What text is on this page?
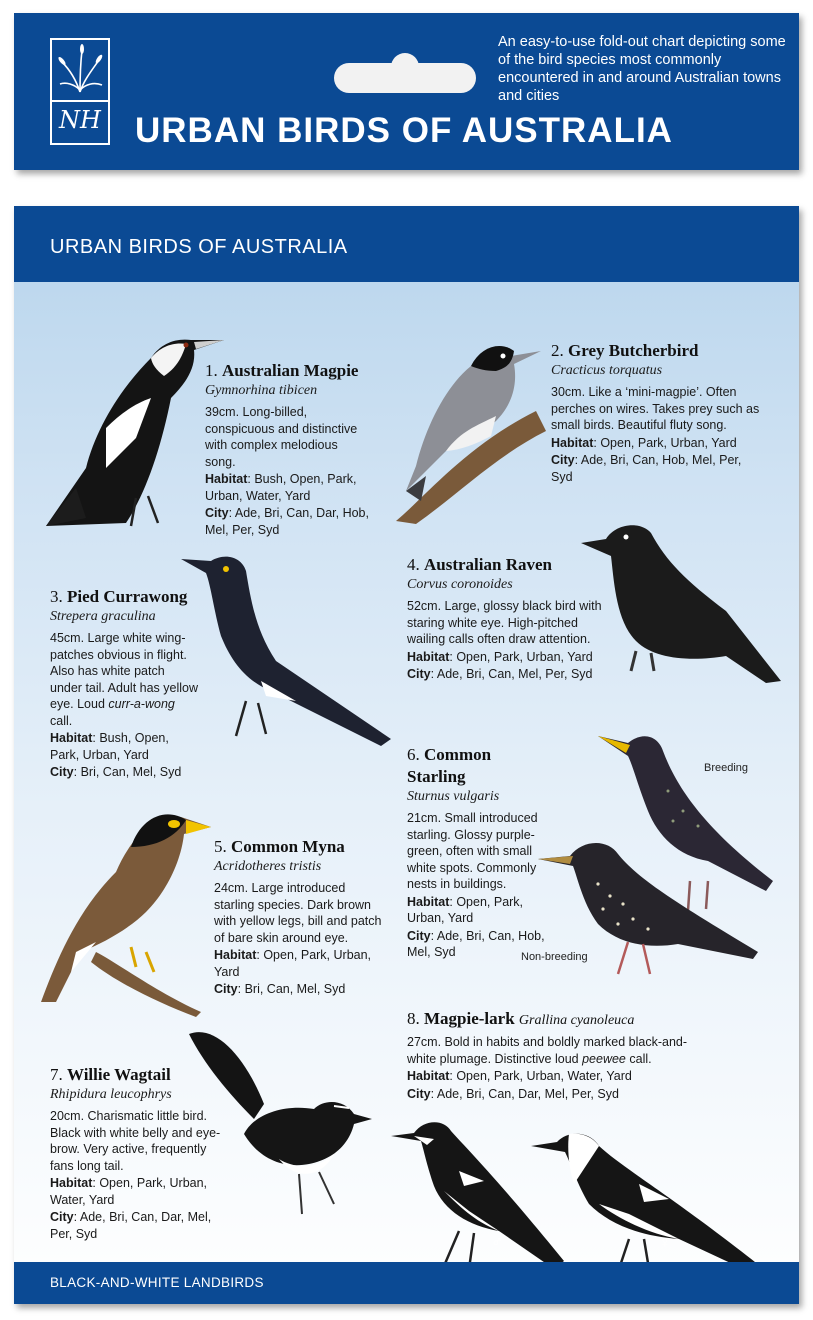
NH
An easy-to-use fold-out chart depicting some of the bird species most commonly encountered in and around Australian towns and cities
URBAN BIRDS OF AUSTRALIA
URBAN BIRDS OF AUSTRALIA
Breeding
Non-breeding
♂	♀
1. Australian Magpie
Gymnorhina tibicen
39cm. Long-billed, conspicuous and distinctive with complex melodious song.
Habitat: Bush, Open, Park, Urban, Water, Yard
City: Ade, Bri, Can, Dar, Hob, Mel, Per, Syd
2. Grey Butcherbird
Cracticus torquatus
30cm. Like a ‘mini-magpie’. Often perches on wires. Takes prey such as small birds. Beautiful fluty song.
Habitat: Open, Park, Urban, Yard
City: Ade, Bri, Can, Hob, Mel, Per, Syd
3. Pied Currawong
Strepera graculina
45cm. Large white wing-patches obvious in flight. Also has white patch under tail. Adult has yellow eye. Loud curr-a-wong call.
Habitat: Bush, Open, Park, Urban, Yard
City: Bri, Can, Mel, Syd
4. Australian Raven
Corvus coronoides
52cm. Large, glossy black bird with staring white eye. High-pitched wailing calls often draw attention.
Habitat: Open, Park, Urban, Yard
City: Ade, Bri, Can, Mel, Per, Syd
5. Common Myna
Acridotheres tristis
24cm. Large introduced starling species. Dark brown with yellow legs, bill and patch of bare skin around eye.
Habitat: Open, Park, Urban, Yard
City: Bri, Can, Mel, Syd
6. Common Starling
Sturnus vulgaris
21cm. Small introduced starling. Glossy purple-green, often with small white spots. Commonly nests in buildings.
Habitat: Open, Park, Urban, Yard
City: Ade, Bri, Can, Hob, Mel, Syd
7. Willie Wagtail
Rhipidura leucophrys
20cm. Charismatic little bird. Black with white belly and eye-brow. Very active, frequently fans long tail.
Habitat: Open, Park, Urban, Water, Yard
City: Ade, Bri, Can, Dar, Mel, Per, Syd
8. Magpie-lark Grallina cyanoleuca
27cm. Bold in habits and boldly marked black-and-white plumage. Distinctive loud peewee call.
Habitat: Open, Park, Urban, Water, Yard
City: Ade, Bri, Can, Dar, Mel, Per, Syd
BLACK-AND-WHITE LANDBIRDS
